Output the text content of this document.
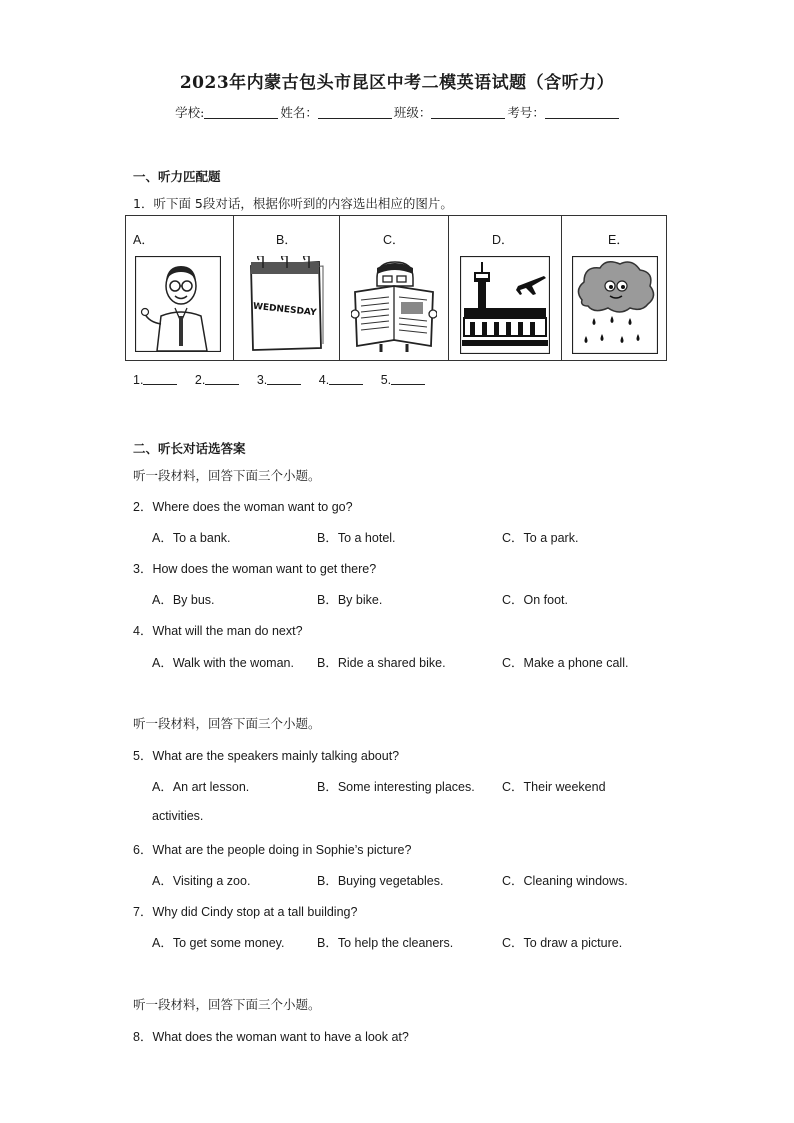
2023年内蒙古包头市昆区中考二模英语试题（含听力）
学校:	姓名：	班级：	考号：
一、听力匹配题
1．听下面 5段对话，根据你听到的内容选出相应的图片。
A．	B．
WEDNESDAY

C．	D．	E．
1.	2.	3.	4.	5.
二、听长对话选答案
听一段材料，回答下面三个小题。
2．Where does the woman want to go?
A．To a bank.	B．To a hotel.	C．To a park.
3．How does the woman want to get there?
A．By bus.	B．By bike.	C．On foot.
4．What will the man do next?
A．Walk with the woman. B．Ride a shared bike.	C．Make a phone call.
听一段材料，回答下面三个小题。
5．What are the speakers mainly talking about?
A．An art lesson.	B．Some interesting places. C．Their weekend
activities.
6．What are the people doing in Sophie’s picture?
A．Visiting a zoo.	B．Buying vegetables.	C．Cleaning windows.
7．Why did Cindy stop at a tall building?
A．To get some money.	B．To help the cleaners.	C．To draw a picture.
听一段材料，回答下面三个小题。
8．What does the woman want to have a look at?
